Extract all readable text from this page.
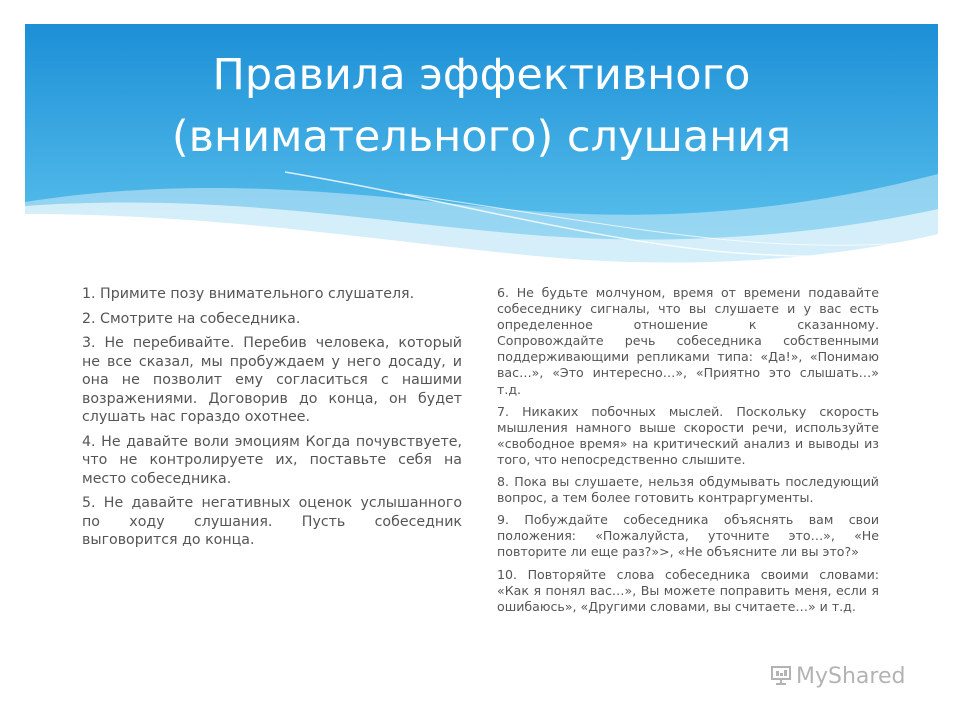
Правила эффективного
(внимательного) слушания

1. Примите позу внимательного слушателя.

2. Смотрите на собеседника.

3. Не перебивайте. Перебив человека, который не все сказал, мы пробуждаем у него досаду, и она не позволит ему согласиться с нашими возражениями. Договорив до конца, он будет слушать нас гораздо охотнее.

4. Не давайте воли эмоциям Когда почувствуете, что не контролируете их, поставьте себя на место собеседника.

5. Не давайте негативных оценок услышанного по ходу слушания. Пусть собеседник выговорится до конца.

6. Не будьте молчуном, время от времени подавайте собеседнику сигналы, что вы слушаете и у вас есть определенное отношение к сказанному. Сопровождайте речь собеседника собственными поддерживающими репликами типа: «Да!», «Понимаю вас…», «Это интересно…», «Приятно это слышать…» т.д.

7. Никаких побочных мыслей. Поскольку скорость мышления намного выше скорости речи, используйте «свободное время» на критический анализ и выводы из того, что непосредственно слышите.

8. Пока вы слушаете, нельзя обдумывать последующий вопрос, а тем более готовить контраргументы.

9. Побуждайте собеседника объяснять вам свои положения: «Пожалуйста, уточните это…», «Не повторите ли еще раз?»>, «Не объясните ли вы это?»

10. Повторяйте слова собеседника своими словами: «Как я понял вас…», Вы можете поправить меня, если я ошибаюсь», «Другими словами, вы считаете…» и т.д.

MyShared
